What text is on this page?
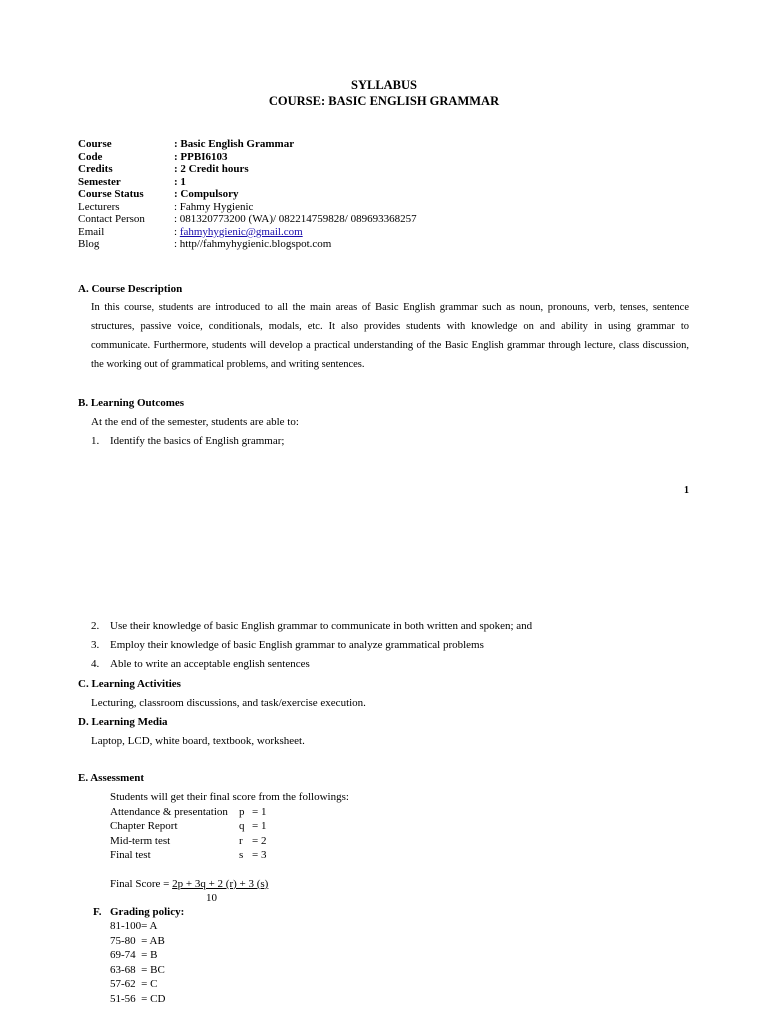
SYLLABUS
COURSE: BASIC ENGLISH GRAMMAR
Course	: Basic English Grammar
Code	: PPBI6103
Credits	: 2 Credit hours
Semester	: 1
Course Status	: Compulsory
Lecturers	: Fahmy Hygienic
Contact Person	: 081320773200 (WA)/ 082214759828/ 089693368257
Email	: fahmyhygienic@gmail.com
Blog	: http//fahmyhygienic.blogspot.com
A. Course Description
In this course, students are introduced to all the main areas of Basic English grammar such as noun, pronouns, verb, tenses, sentence structures, passive voice, conditionals, modals, etc. It also provides students with knowledge on and ability in using grammar to communicate. Furthermore, students will develop a practical understanding of the Basic English grammar through lecture, class discussion, the working out of grammatical problems, and writing sentences.
B. Learning Outcomes
At the end of the semester, students are able to:
1. Identify the basics of English grammar;
1
2. Use their knowledge of basic English grammar to communicate in both written and spoken; and
3. Employ their knowledge of basic English grammar to analyze grammatical problems
4. Able to write an acceptable english sentences
C. Learning Activities
Lecturing, classroom discussions, and task/exercise execution.
D. Learning Media
Laptop, LCD, white board, textbook, worksheet.
E. Assessment
Students will get their final score from the followings:
Attendance & presentation p = 1
Chapter Report	q = 1
Mid-term test	r = 2
Final test	s = 3
Final Score = 2p + 3q + 2 (r) + 3 (s)
10
F. Grading policy:
81-100= A
75-80  = AB
69-74  = B
63-68  = BC
57-62  = C
51-56  = CD
